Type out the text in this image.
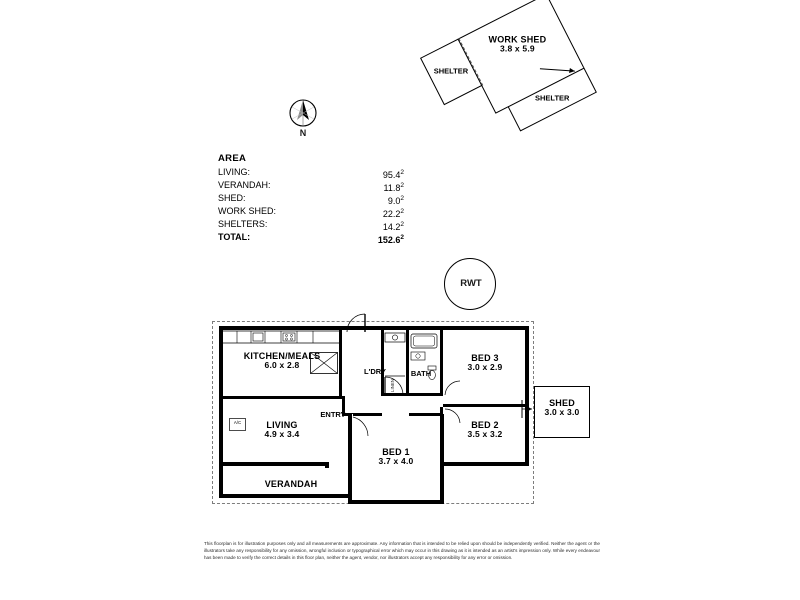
N
AREA
LIVING:	95.4$^2$
VERANDAH:	11.8$^2$
SHED:	$9.0^2$
WORK SHED:	22.2$^2$
SHELTERS:	14.2$^2$
TOTAL:	152.6$^2$
WORK SHED
3.8 x 5.9
SHELTER
SHELTER
RWT
LINEN
A/C
SHED
3.0 x 3.0
KITCHEN/MEALS
6.0 x 2.8
LIVING
4.9 x 3.4
BED 1
3.7 x 4.0
BED 2
3.5 x 3.2
BED 3
3.0 x 2.9
L'DRY	BATH
ENTRY
VERANDAH
This floorplan is for illustration purposes only and all measurements are approximate. Any information that is intended to be relied upon should be independently verified. Neither the agent or the illustrators take any responsibility for any omission, wrongful inclusion or typographical error which may occur in this drawing as it is intended as an artist's impression only. While every endeavour has been made to verify the correct details in this floor plan, neither the agent, vendor, nor illustrators accept any responsibility for any error or omission.
